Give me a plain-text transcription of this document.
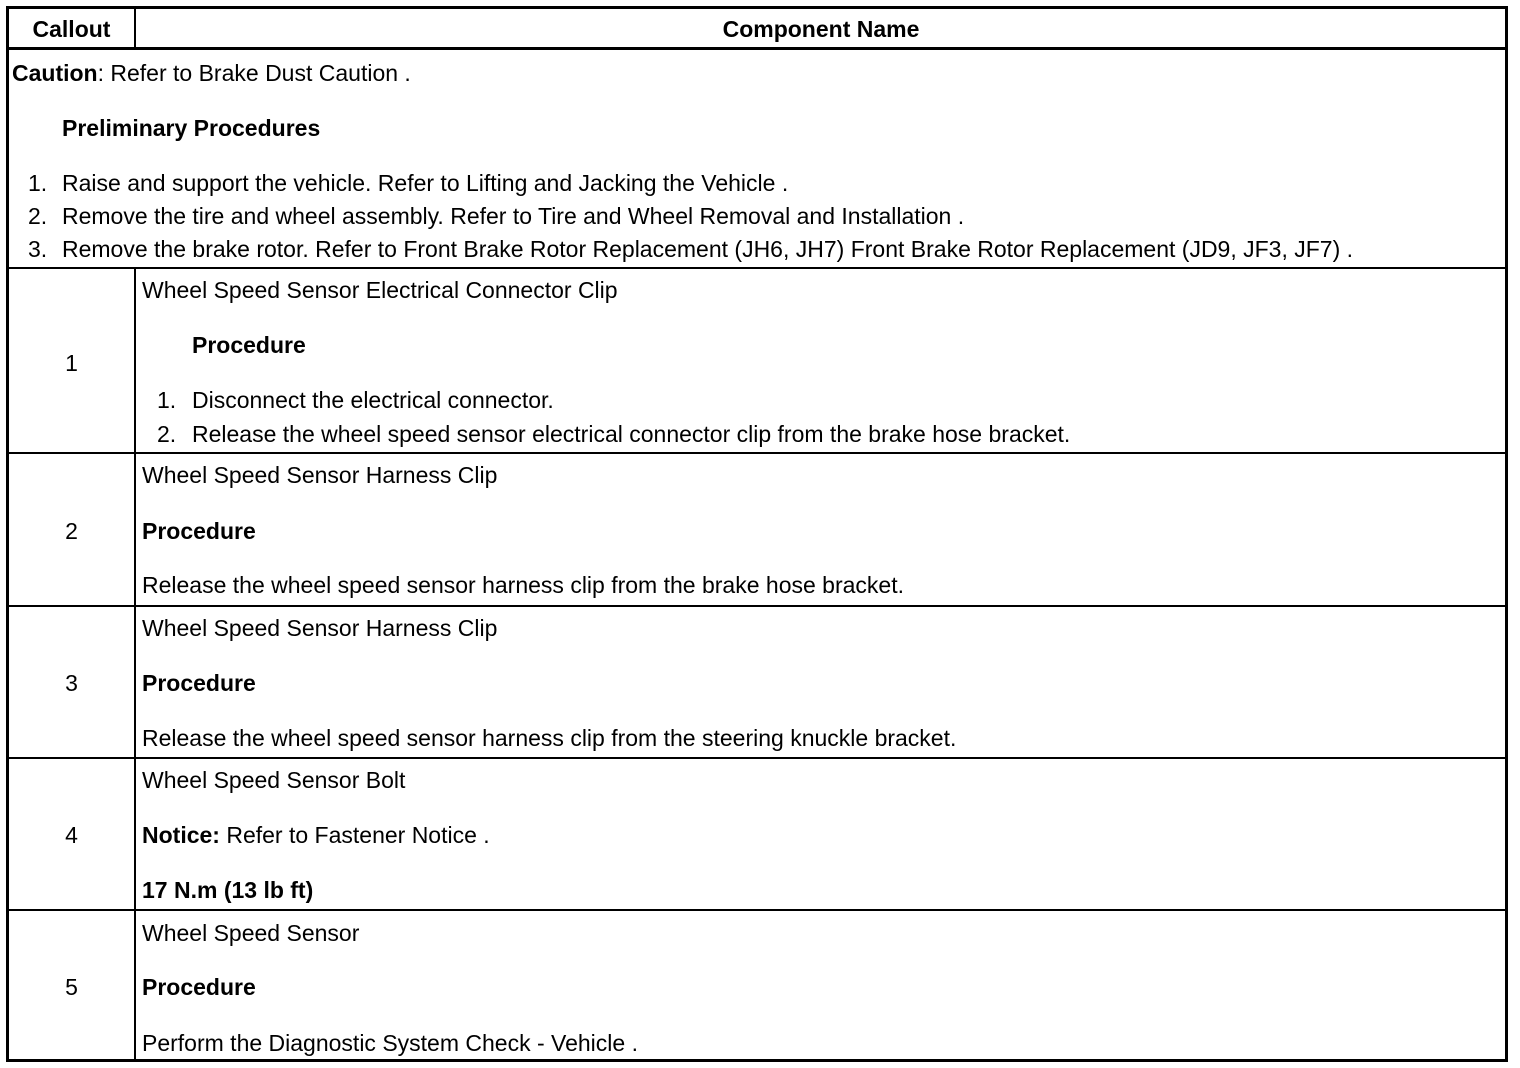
Callout	Component Name
Caution: Refer to Brake Dust Caution .
Preliminary Procedures
1. Raise and support the vehicle. Refer to Lifting and Jacking the Vehicle .
2. Remove the tire and wheel assembly. Refer to Tire and Wheel Removal and Installation .
3. Remove the brake rotor. Refer to Front Brake Rotor Replacement (JH6, JH7) Front Brake Rotor Replacement (JD9, JF3, JF7) .
1
Wheel Speed Sensor Electrical Connector Clip
Procedure
1. Disconnect the electrical connector.
2. Release the wheel speed sensor electrical connector clip from the brake hose bracket.
2
Wheel Speed Sensor Harness Clip
Procedure
Release the wheel speed sensor harness clip from the brake hose bracket.
3
Wheel Speed Sensor Harness Clip
Procedure
Release the wheel speed sensor harness clip from the steering knuckle bracket.
4
Wheel Speed Sensor Bolt
Notice: Refer to Fastener Notice .
17 N.m (13 lb ft)
5
Wheel Speed Sensor
Procedure
Perform the Diagnostic System Check - Vehicle .
